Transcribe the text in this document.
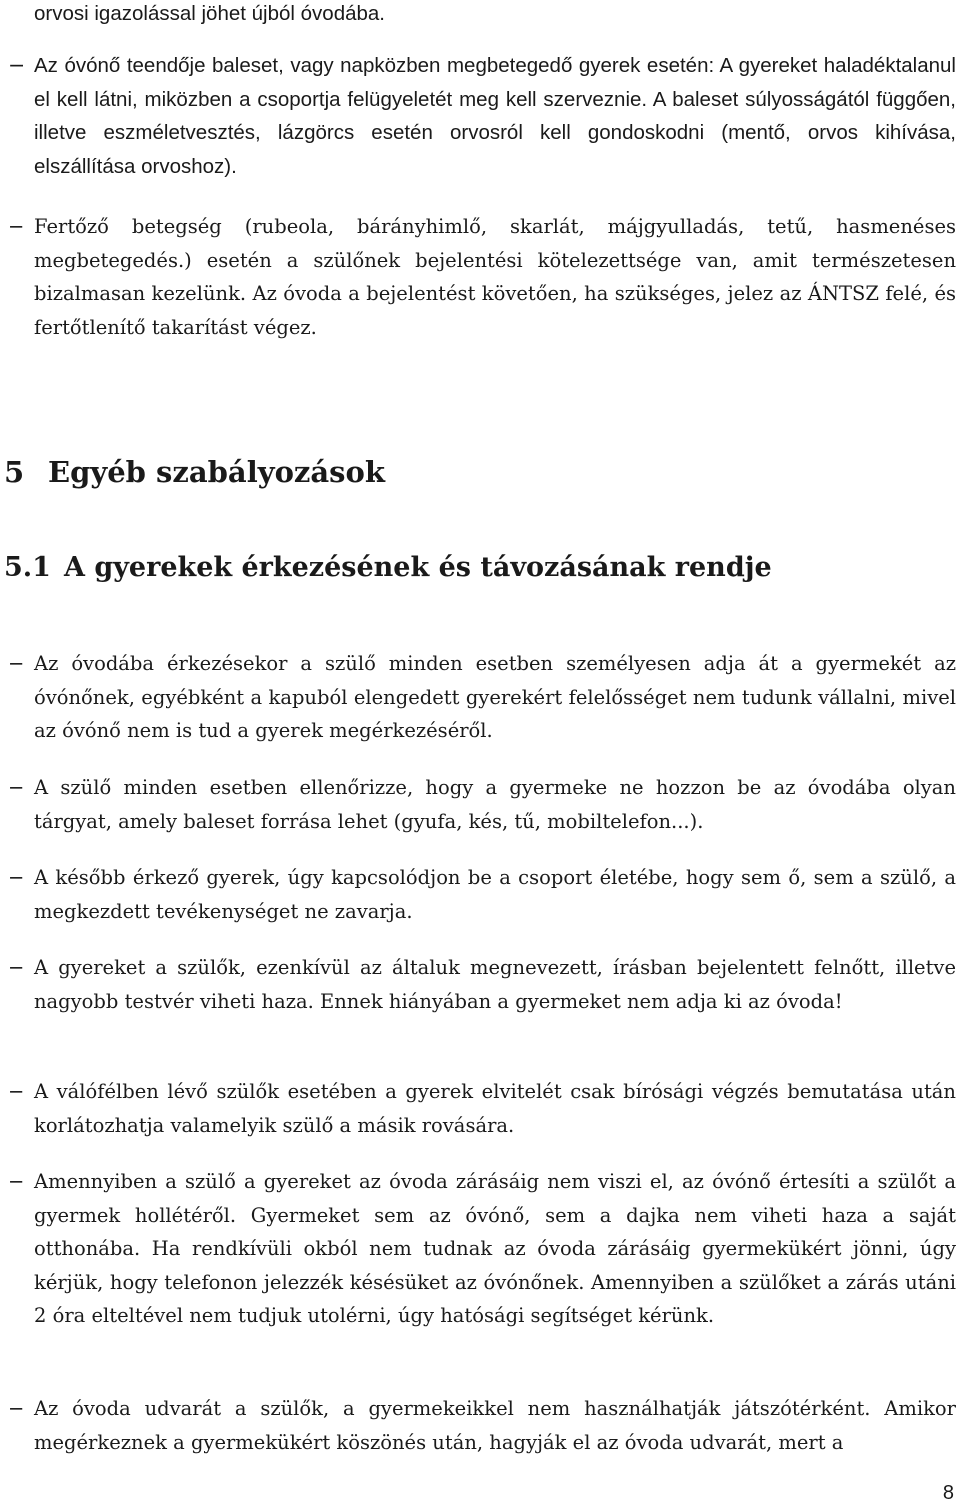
orvosi igazolással jöhet újból óvodába.

− Az óvónő teendője baleset, vagy napközben megbetegedő gyerek esetén: A gyereket haladéktalanul el kell látni, miközben a csoportja felügyeletét meg kell szerveznie. A baleset súlyosságától függően, illetve eszméletvesztés, lázgörcs esetén orvosról kell gondoskodni (mentő, orvos kihívása, elszállítása orvoshoz).
− Fertőző betegség (rubeola, bárányhimlő, skarlát, májgyulladás, tetű, hasmenéses megbetegedés.) esetén a szülőnek bejelentési kötelezettsége van, amit természetesen bizalmasan kezelünk. Az óvoda a bejelentést követően, ha szükséges, jelez az ÁNTSZ felé, és fertőtlenítő takarítást végez.
5 Egyéb szabályozások
5.1 A gyerekek érkezésének és távozásának rendje
− Az óvodába érkezésekor a szülő minden esetben személyesen adja át a gyermekét az óvónőnek, egyébként a kapuból elengedett gyerekért felelősséget nem tudunk vállalni, mivel az óvónő nem is tud a gyerek megérkezéséről.
− A szülő minden esetben ellenőrizze, hogy a gyermeke ne hozzon be az óvodába olyan tárgyat, amely baleset forrása lehet (gyufa, kés, tű, mobiltelefon...).
− A később érkező gyerek, úgy kapcsolódjon be a csoport életébe, hogy sem ő, sem a szülő, a megkezdett tevékenységet ne zavarja.
− A gyereket a szülők, ezenkívül az általuk megnevezett, írásban bejelentett felnőtt, illetve nagyobb testvér viheti haza. Ennek hiányában a gyermeket nem adja ki az óvoda!
− A válófélben lévő szülők esetében a gyerek elvitelét csak bírósági végzés bemutatása után korlátozhatja valamelyik szülő a másik rovására.
− Amennyiben a szülő a gyereket az óvoda zárásáig nem viszi el, az óvónő értesíti a szülőt a gyermek hollétéről. Gyermeket sem az óvónő, sem a dajka nem viheti haza a saját otthonába. Ha rendkívüli okból nem tudnak az óvoda zárásáig gyermekükért jönni, úgy kérjük, hogy telefonon jelezzék késésüket az óvónőnek. Amennyiben a szülőket a zárás utáni 2 óra elteltével nem tudjuk utolérni, úgy hatósági segítséget kérünk.
− Az óvoda udvarát a szülők, a gyermekeikkel nem használhatják játszótérként. Amikor megérkeznek a gyermekükért köszönés után, hagyják el az óvoda udvarát, mert a
8
